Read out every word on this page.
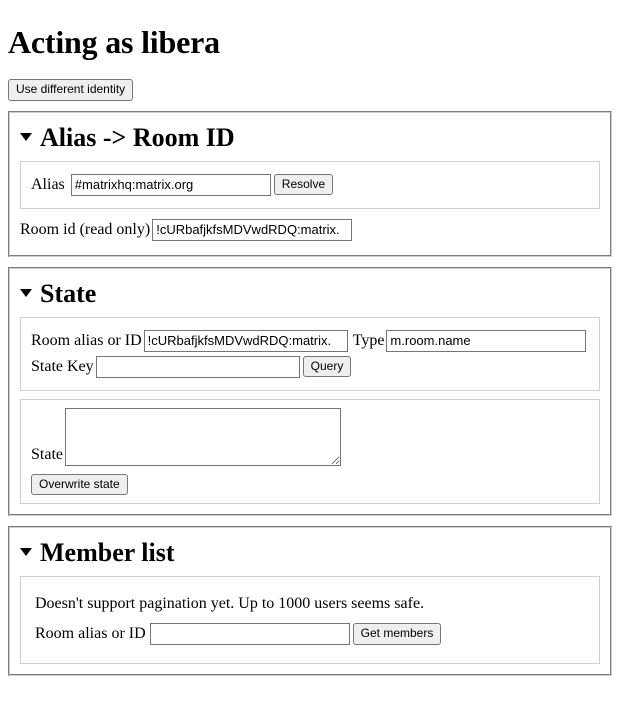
Acting as libera
Use different identity
Alias -> Room ID
Alias
#matrixhq:matrix.org	Resolve
Room id (read only)
!cURbafjkfsMDVwdRDQ:matrix.
State
Room alias or ID
!cURbafjkfsMDVwdRDQ:matrix.	Type
m.room.name
State Key	Query
State
Overwrite state
Member list
Doesn't support pagination yet. Up to 1000 users seems safe.
Room alias or ID	Get members
